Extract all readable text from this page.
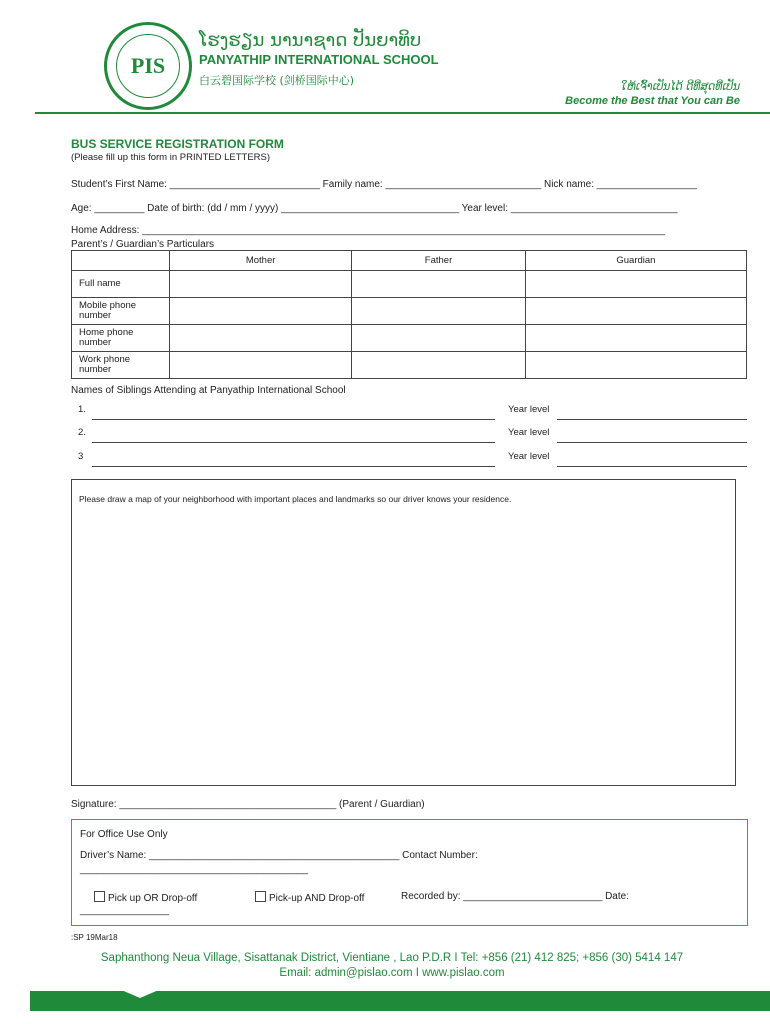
PIS
ໂຮງຮຽນ ນານາຊາດ ປັນຍາທິບ
PANYATHIP INTERNATIONAL SCHOOL
白云碧国际学校 (剑桥国际中心)	ໃຫ້ເຈົ້າເປັນໄດ້ ດີທີ່ສຸດທີ່ເປັນ
Become the Best that You can Be
BUS SERVICE REGISTRATION FORM
(Please fill up this form in PRINTED LETTERS)
Student’s First Name: ___________________________ Family name: ____________________________ Nick name: __________________
Age: _________ Date of birth: (dd / mm / yyyy) ________________________________ Year level: ______________________________
Home Address: ______________________________________________________________________________________________
Parent’s / Guardian’s Particulars
	Mother	Father	Guardian
Full name			
Mobile phone number			
Home phone number			
Work phone number			
Names of Siblings Attending at Panyathip International School
1.	Year level
2.	Year level
3	Year level
Please draw a map of your neighborhood with important places and landmarks so our driver knows your residence.
Signature: _______________________________________ (Parent / Guardian)
For Office Use Only
Driver’s Name: _____________________________________________ Contact Number:
_________________________________________
Pick up OR Drop-off	Pick-up AND Drop-off	Recorded by: _________________________ Date:
________________
:SP 19Mar18
Saphanthong Neua Village, Sisattanak District, Vientiane , Lao P.D.R I Tel: +856 (21) 412 825; +856 (30) 5414 147
Email: admin@pislao.com I www.pislao.com
